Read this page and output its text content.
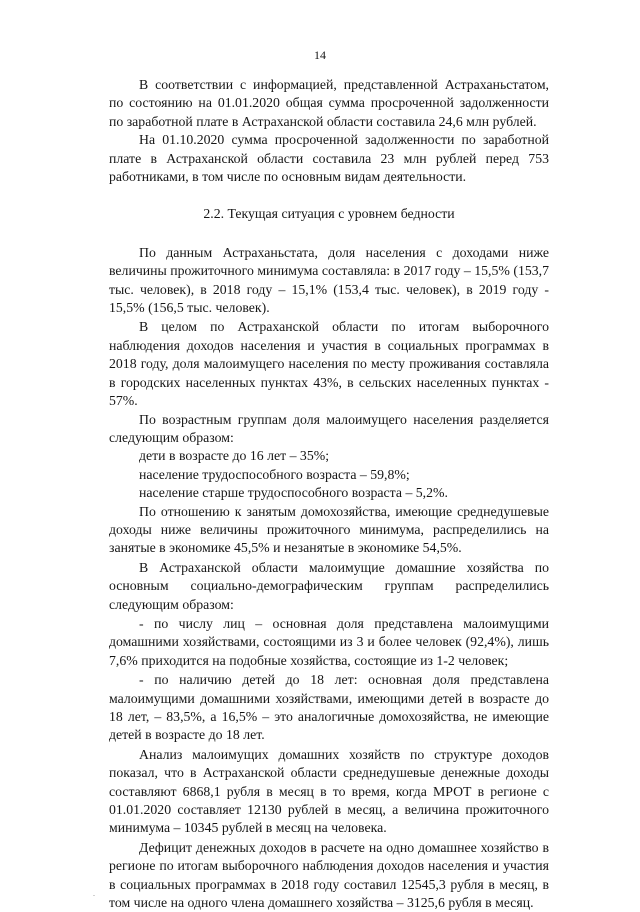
14

В соответствии с информацией, представленной Астраханьстатом, по состоянию на 01.01.2020 общая сумма просроченной задолженности по заработной плате в Астраханской области составила 24,6 млн рублей.

На 01.10.2020 сумма просроченной задолженности по заработной плате в Астраханской области составила 23 млн рублей перед 753 работниками, в том числе по основным видам деятельности.

2.2. Текущая ситуация с уровнем бедности

По данным Астраханьстата, доля населения с доходами ниже величины прожиточного минимума составляла: в 2017 году – 15,5% (153,7 тыс. человек), в 2018 году – 15,1% (153,4 тыс. человек), в 2019 году - 15,5% (156,5 тыс. человек).

В целом по Астраханской области по итогам выборочного наблюдения доходов населения и участия в социальных программах в 2018 году, доля малоимущего населения по месту проживания составляла в городских населенных пунктах 43%, в сельских населенных пунктах - 57%.

По возрастным группам доля малоимущего населения разделяется следующим образом:

дети в возрасте до 16 лет – 35%;
население трудоспособного возраста – 59,8%;
население старше трудоспособного возраста – 5,2%.

По отношению к занятым домохозяйства, имеющие среднедушевые доходы ниже величины прожиточного минимума, распределились на занятые в экономике 45,5% и незанятые в экономике 54,5%.

В Астраханской области малоимущие домашние хозяйства по основным социально-демографическим группам распределились следующим образом:

- по числу лиц – основная доля представлена малоимущими домашними хозяйствами, состоящими из 3 и более человек (92,4%), лишь 7,6% приходится на подобные хозяйства, состоящие из 1-2 человек;

- по наличию детей до 18 лет: основная доля представлена малоимущими домашними хозяйствами, имеющими детей в возрасте до 18 лет, – 83,5%, а 16,5% – это аналогичные домохозяйства, не имеющие детей в возрасте до 18 лет.

Анализ малоимущих домашних хозяйств по структуре доходов показал, что в Астраханской области среднедушевые денежные доходы составляют 6868,1 рубля в месяц в то время, когда МРОТ в регионе с 01.01.2020 составляет 12130 рублей в месяц, а величина прожиточного минимума – 10345 рублей в месяц на человека.

Дефицит денежных доходов в расчете на одно домашнее хозяйство в регионе по итогам выборочного наблюдения доходов населения и участия в социальных программах в 2018 году составил 12545,3 рубля в месяц, в том числе на одного члена домашнего хозяйства – 3125,6 рубля в месяц.

.
